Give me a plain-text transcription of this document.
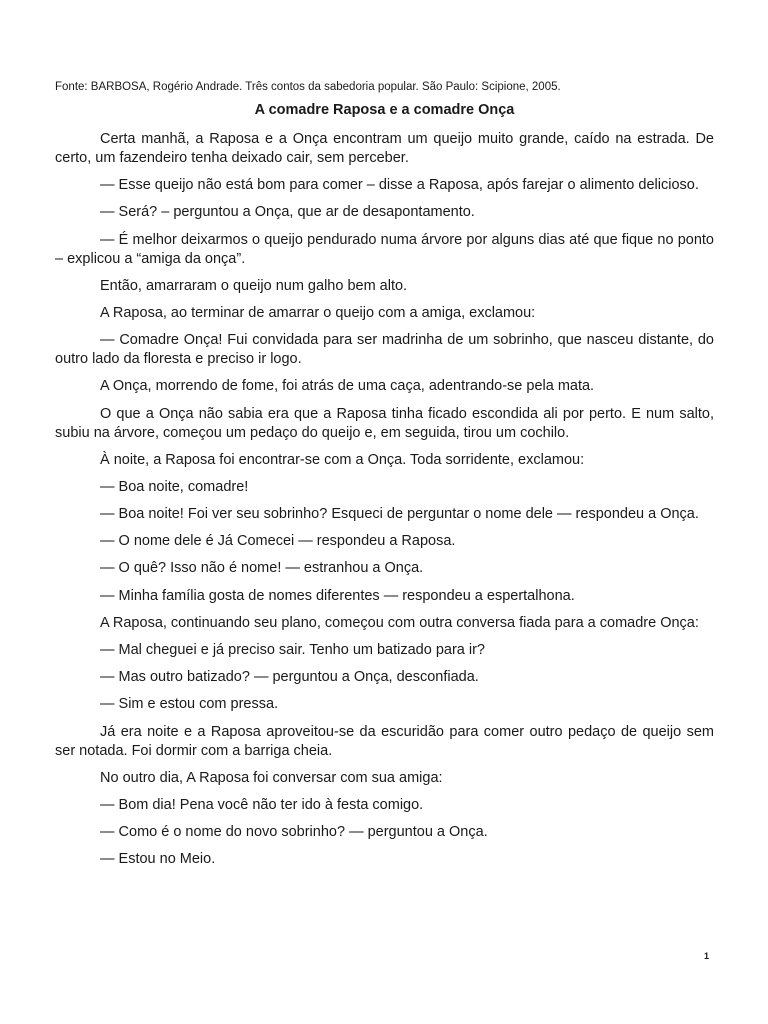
Fonte: BARBOSA, Rogério Andrade. Três contos da sabedoria popular. São Paulo: Scipione, 2005.
A comadre Raposa e a comadre Onça

Certa manhã, a Raposa e a Onça encontram um queijo muito grande, caído na estrada. De certo, um fazendeiro tenha deixado cair, sem perceber.

— Esse queijo não está bom para comer – disse a Raposa, após farejar o alimento delicioso.

— Será? – perguntou a Onça, que ar de desapontamento.

— É melhor deixarmos o queijo pendurado numa árvore por alguns dias até que fique no ponto – explicou a “amiga da onça”.

Então, amarraram o queijo num galho bem alto.

A Raposa, ao terminar de amarrar o queijo com a amiga, exclamou:

— Comadre Onça! Fui convidada para ser madrinha de um sobrinho, que nasceu distante, do outro lado da floresta e preciso ir logo.

A Onça, morrendo de fome, foi atrás de uma caça, adentrando-se pela mata.

O que a Onça não sabia era que a Raposa tinha ficado escondida ali por perto. E num salto, subiu na árvore, começou um pedaço do queijo e, em seguida, tirou um cochilo.

À noite, a Raposa foi encontrar-se com a Onça. Toda sorridente, exclamou:

— Boa noite, comadre!

— Boa noite! Foi ver seu sobrinho? Esqueci de perguntar o nome dele — respondeu a Onça.

— O nome dele é Já Comecei — respondeu a Raposa.

— O quê? Isso não é nome! — estranhou a Onça.

— Minha família gosta de nomes diferentes — respondeu a espertalhona.

A Raposa, continuando seu plano, começou com outra conversa fiada para a comadre Onça:

— Mal cheguei e já preciso sair. Tenho um batizado para ir?

— Mas outro batizado? — perguntou a Onça, desconfiada.

— Sim e estou com pressa.

Já era noite e a Raposa aproveitou-se da escuridão para comer outro pedaço de queijo sem ser notada. Foi dormir com a barriga cheia.

No outro dia, A Raposa foi conversar com sua amiga:

— Bom dia! Pena você não ter ido à festa comigo.

— Como é o nome do novo sobrinho? — perguntou a Onça.

— Estou no Meio.

1
